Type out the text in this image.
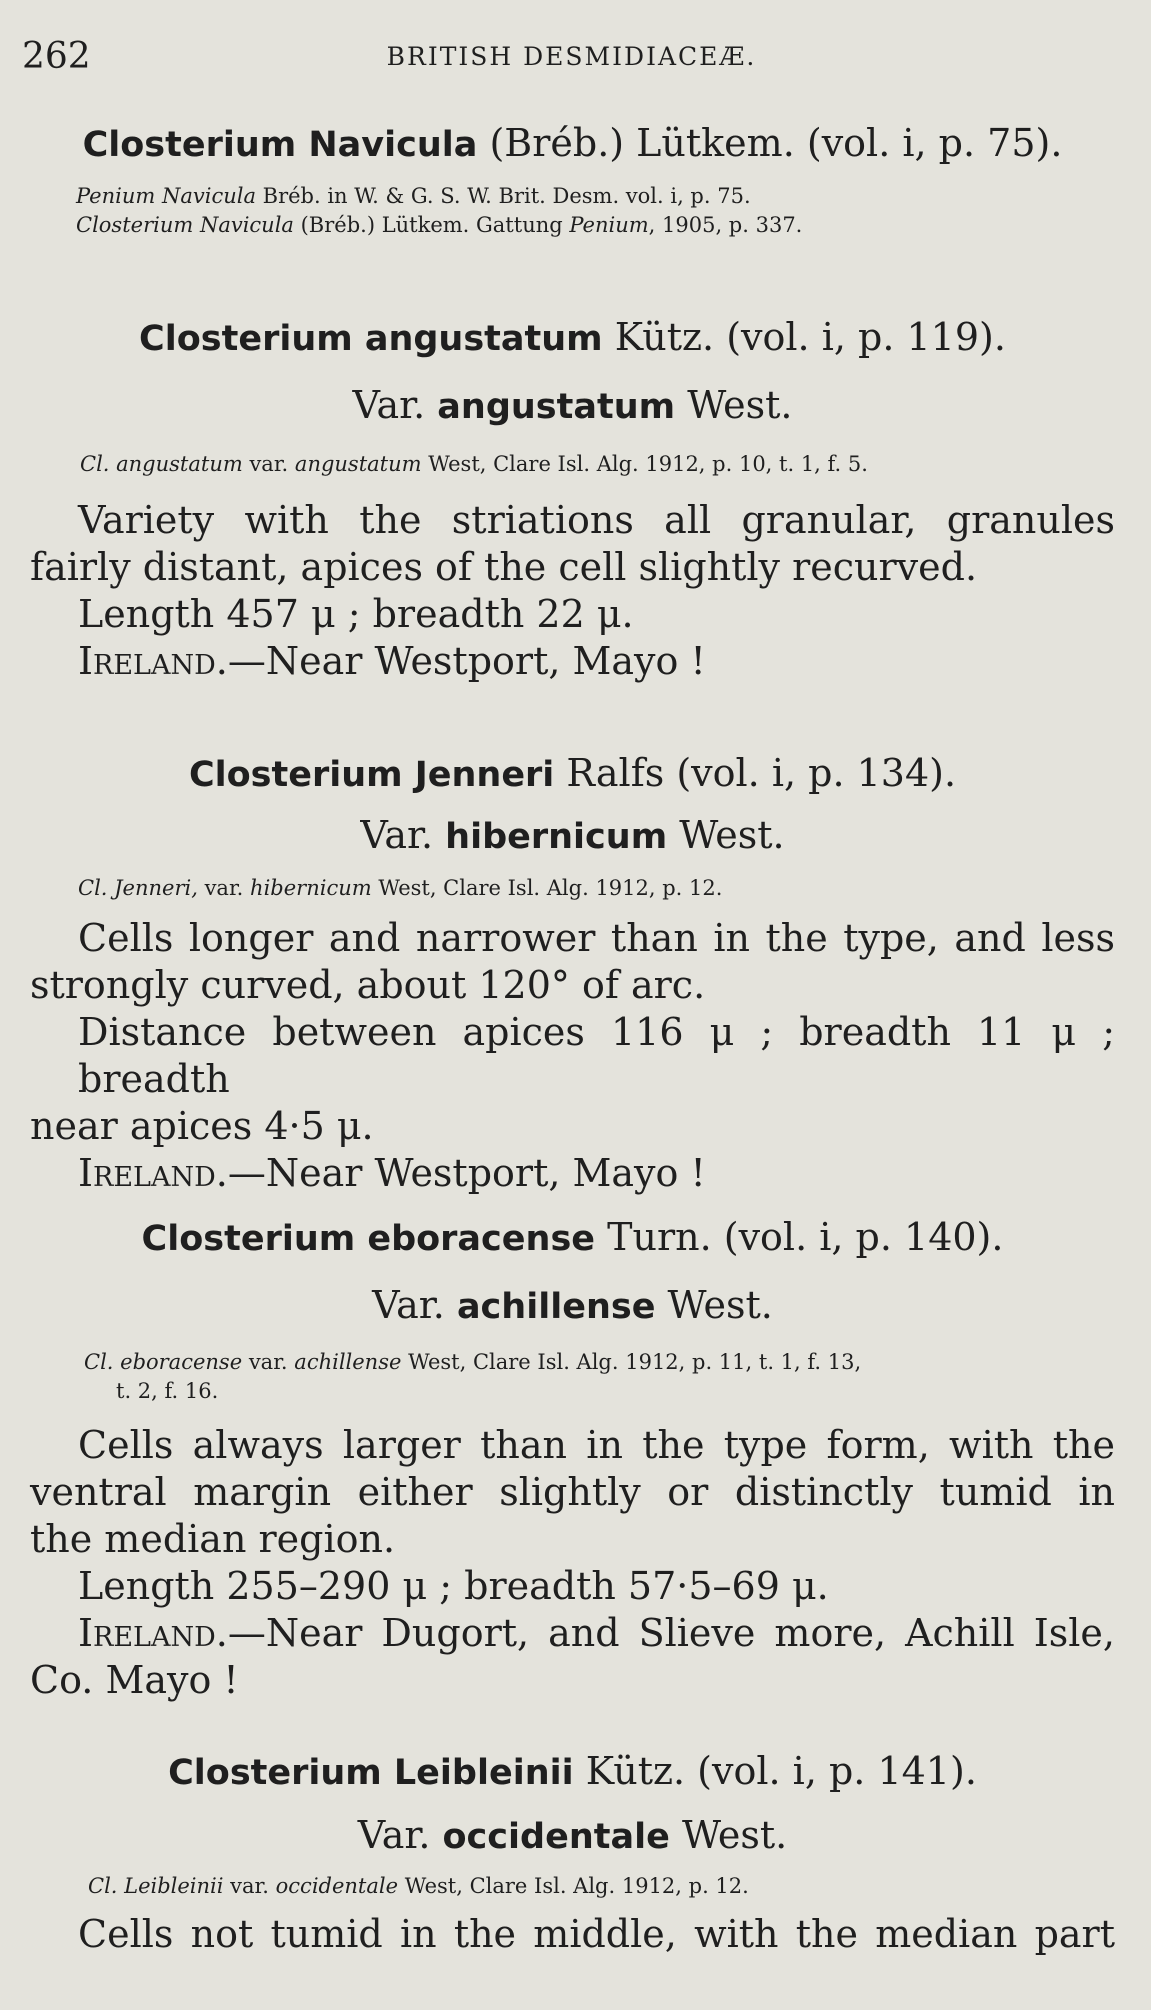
262	BRITISH DESMIDIACEÆ.
Closterium Navicula (Bréb.) Lütkem. (vol. i, p. 75).
Penium Navicula Bréb. in W. & G. S. W. Brit. Desm. vol. i, p. 75.
Closterium Navicula (Bréb.) Lütkem. Gattung Penium, 1905, p. 337.
Closterium angustatum Kütz. (vol. i, p. 119).
Var. angustatum West.
Cl. angustatum var. angustatum West, Clare Isl. Alg. 1912, p. 10, t. 1, f. 5.

Variety with the striations all granular, granules

fairly distant, apices of the cell slightly recurved.

Length 457 μ ; breadth 22 μ.

Ireland.—Near Westport, Mayo !

Closterium Jenneri Ralfs (vol. i, p. 134).
Var. hibernicum West.
Cl. Jenneri, var. hibernicum West, Clare Isl. Alg. 1912, p. 12.

Cells longer and narrower than in the type, and less

strongly curved, about 120° of arc.

Distance between apices 116 μ ; breadth 11 μ ; breadth

near apices 4·5 μ.

Ireland.—Near Westport, Mayo !

Closterium eboracense Turn. (vol. i, p. 140).
Var. achillense West.
Cl. eboracense var. achillense West, Clare Isl. Alg. 1912, p. 11, t. 1, f. 13,
t. 2, f. 16.

Cells always larger than in the type form, with the

ventral margin either slightly or distinctly tumid in

the median region.

Length 255–290 μ ; breadth 57·5–69 μ.

Ireland.—Near Dugort, and Slieve more, Achill Isle,

Co. Mayo !

Closterium Leibleinii Kütz. (vol. i, p. 141).
Var. occidentale West.
Cl. Leibleinii var. occidentale West, Clare Isl. Alg. 1912, p. 12.

Cells not tumid in the middle, with the median part
